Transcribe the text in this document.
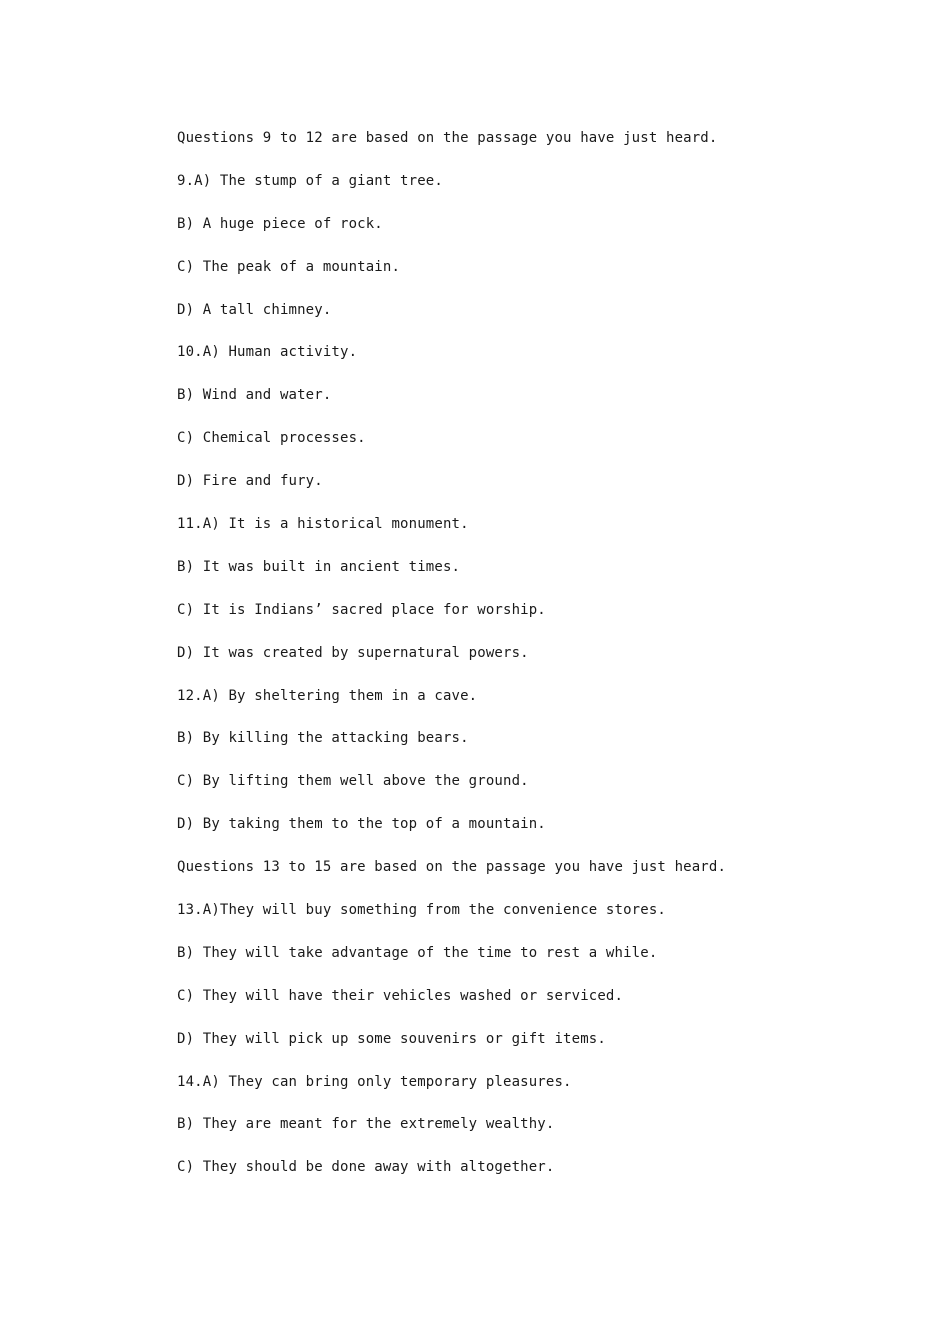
Questions 9 to 12 are based on the passage you have just heard.
9.A) The stump of a giant tree.
B) A huge piece of rock.
C) The peak of a mountain.
D) A tall chimney.
10.A) Human activity.
B) Wind and water.
C) Chemical processes.
D) Fire and fury.
11.A) It is a historical monument.
B) It was built in ancient times.
C) It is Indians’ sacred place for worship.
D) It was created by supernatural powers.
12.A) By sheltering them in a cave.
B) By killing the attacking bears.
C) By lifting them well above the ground.
D) By taking them to the top of a mountain.
Questions 13 to 15 are based on the passage you have just heard.
13.A)They will buy something from the convenience stores.
B) They will take advantage of the time to rest a while.
C) They will have their vehicles washed or serviced.
D) They will pick up some souvenirs or gift items.
14.A) They can bring only temporary pleasures.
B) They are meant for the extremely wealthy.
C) They should be done away with altogether.
